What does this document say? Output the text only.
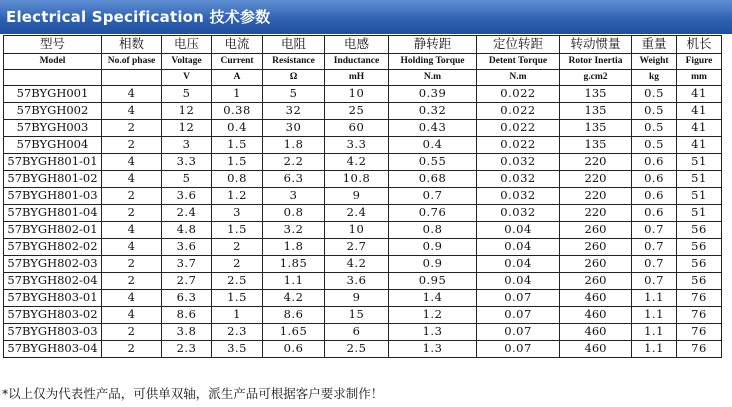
Electrical Specification 技术参数
型号	相数	电压	电流	电阻	电感	静转距	定位转距	转动惯量	重量	机长
Model	No.of phase	Voltage	Current	Resistance	Inductance	Holding Torque	Detent Torque	Rotor Inertia	Weight	Figure
		V	A	Ω	mH	N.m	N.m	g.cm2	kg	mm
57BYGH001	4	5	1	5	10	0.39	0.022	135	0.5	41
57BYGH002	4	12	0.38	32	25	0.32	0.022	135	0.5	41
57BYGH003	2	12	0.4	30	60	0.43	0.022	135	0.5	41
57BYGH004	2	3	1.5	1.8	3.3	0.4	0.022	135	0.5	41
57BYGH801-01	4	3.3	1.5	2.2	4.2	0.55	0.032	220	0.6	51
57BYGH801-02	4	5	0.8	6.3	10.8	0.68	0.032	220	0.6	51
57BYGH801-03	2	3.6	1.2	3	9	0.7	0.032	220	0.6	51
57BYGH801-04	2	2.4	3	0.8	2.4	0.76	0.032	220	0.6	51
57BYGH802-01	4	4.8	1.5	3.2	10	0.8	0.04	260	0.7	56
57BYGH802-02	4	3.6	2	1.8	2.7	0.9	0.04	260	0.7	56
57BYGH802-03	2	3.7	2	1.85	4.2	0.9	0.04	260	0.7	56
57BYGH802-04	2	2.7	2.5	1.1	3.6	0.95	0.04	260	0.7	56
57BYGH803-01	4	6.3	1.5	4.2	9	1.4	0.07	460	1.1	76
57BYGH803-02	4	8.6	1	8.6	15	1.2	0.07	460	1.1	76
57BYGH803-03	2	3.8	2.3	1.65	6	1.3	0.07	460	1.1	76
57BYGH803-04	2	2.3	3.5	0.6	2.5	1.3	0.07	460	1.1	76
*以上仅为代表性产品，可供单双轴，派生产品可根据客户要求制作！
